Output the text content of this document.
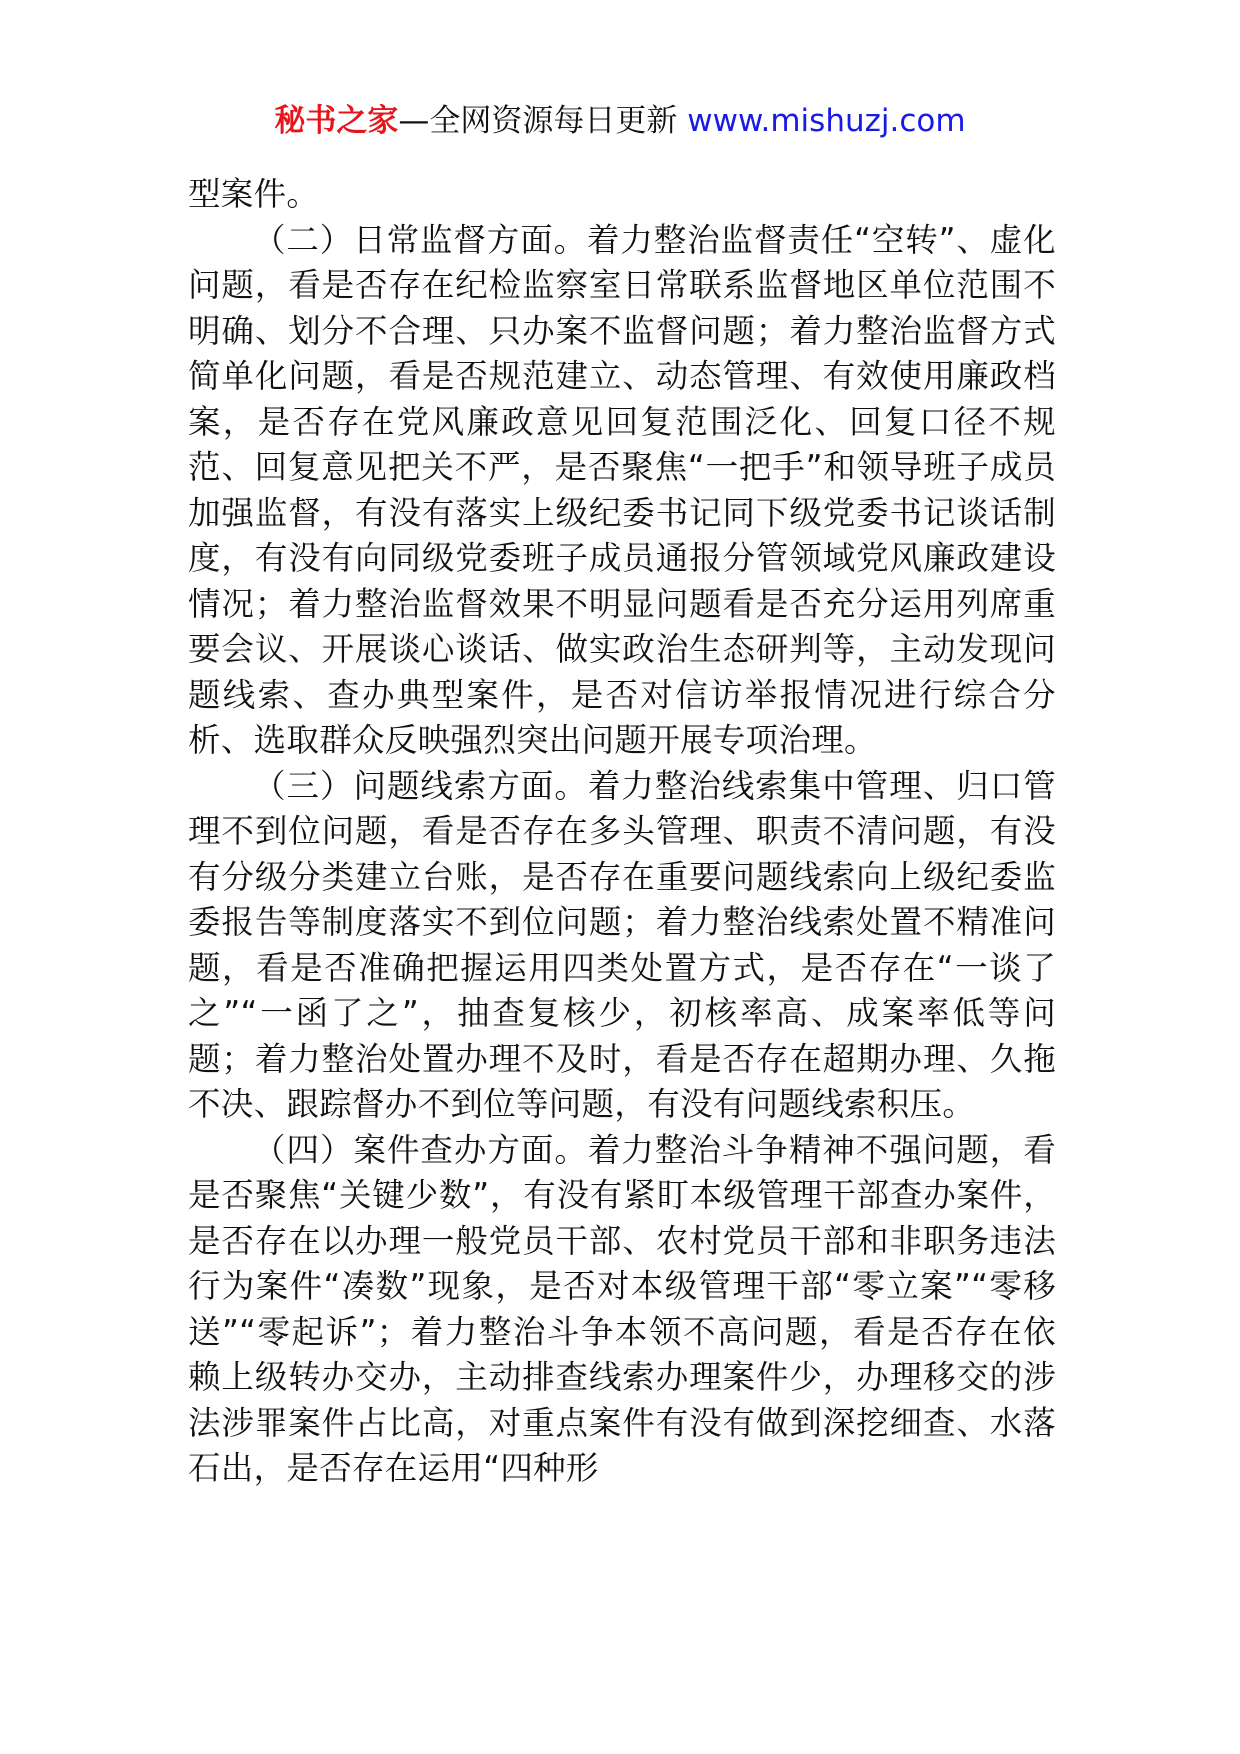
秘书之家—全网资源每日更新 www.mishuzj.com

型案件。

（二）日常监督方面。着力整治监督责任“空转”、虚化问题，看是否存在纪检监察室日常联系监督地区单位范围不明确、划分不合理、只办案不监督问题；着力整治监督方式简单化问题，看是否规范建立、动态管理、有效使用廉政档案，是否存在党风廉政意见回复范围泛化、回复口径不规范、回复意见把关不严，是否聚焦“一把手”和领导班子成员加强监督，有没有落实上级纪委书记同下级党委书记谈话制度，有没有向同级党委班子成员通报分管领域党风廉政建设情况；着力整治监督效果不明显问题看是否充分运用列席重要会议、开展谈心谈话、做实政治生态研判等，主动发现问题线索、查办典型案件，是否对信访举报情况进行综合分析、选取群众反映强烈突出问题开展专项治理。

（三）问题线索方面。着力整治线索集中管理、归口管理不到位问题，看是否存在多头管理、职责不清问题，有没有分级分类建立台账，是否存在重要问题线索向上级纪委监委报告等制度落实不到位问题；着力整治线索处置不精准问题，看是否准确把握运用四类处置方式，是否存在“一谈了之”“一函了之”，抽查复核少，初核率高、成案率低等问题；着力整治处置办理不及时，看是否存在超期办理、久拖不决、跟踪督办不到位等问题，有没有问题线索积压。

（四）案件查办方面。着力整治斗争精神不强问题，看是否聚焦“关键少数”，有没有紧盯本级管理干部查办案件，是否存在以办理一般党员干部、农村党员干部和非职务违法行为案件“凑数”现象，是否对本级管理干部“零立案”“零移送”“零起诉”；着力整治斗争本领不高问题，看是否存在依赖上级转办交办，主动排查线索办理案件少，办理移交的涉法涉罪案件占比高，对重点案件有没有做到深挖细查、水落石出，是否存在运用“四种形
